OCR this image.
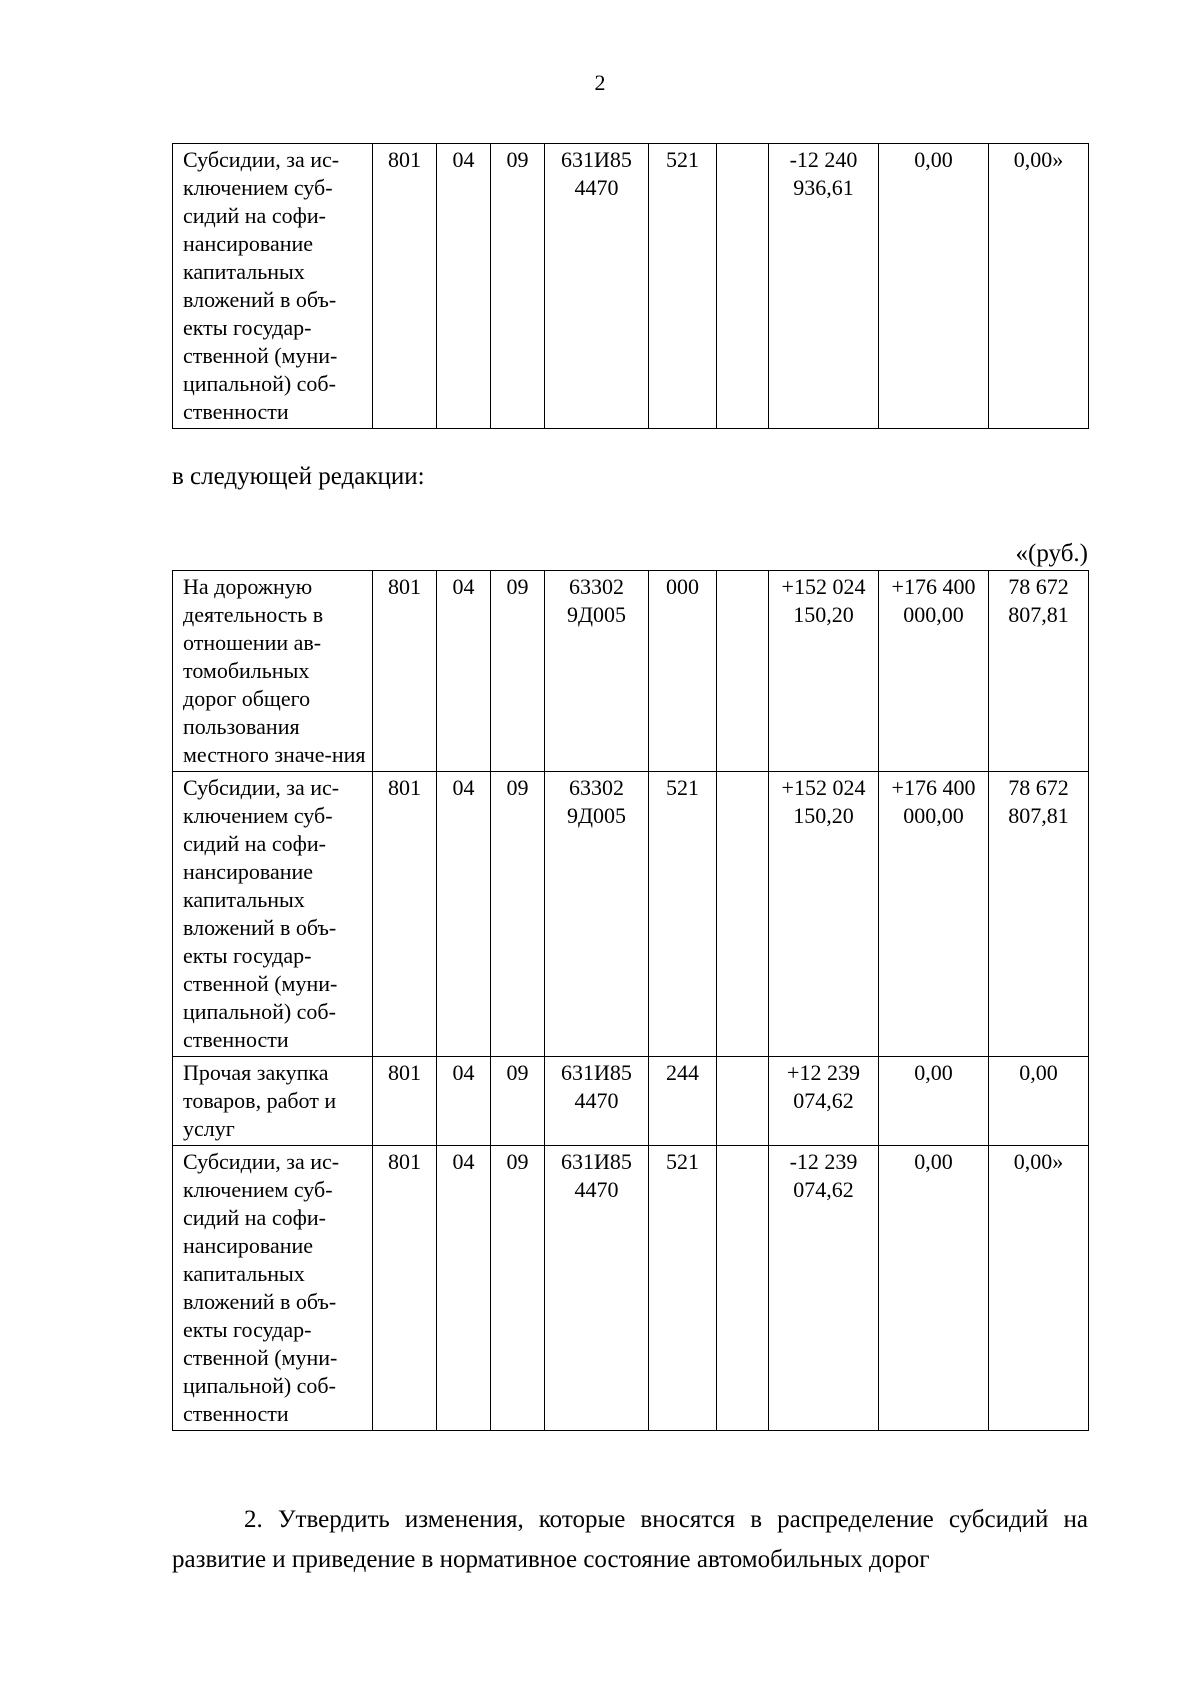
2
Субсидии, за ис-ключением суб-сидий на софи-нансирование капитальных вложений в объ-екты государ-ственной (муни-ципальной) соб-ственности	801	04	09	631И85 4470	521		-12 240 936,61	0,00	0,00»
в следующей редакции:
«(руб.)
На дорожную деятельность в отношении ав-томобильных дорог общего пользования местного значе-ния	801	04	09	63302 9Д005	000		+152 024 150,20	+176 400 000,00	78 672 807,81
Субсидии, за ис-ключением суб-сидий на софи-нансирование капитальных вложений в объ-екты государ-ственной (муни-ципальной) соб-ственности	801	04	09	63302 9Д005	521		+152 024 150,20	+176 400 000,00	78 672 807,81
Прочая закупка товаров, работ и услуг	801	04	09	631И85 4470	244		+12 239 074,62	0,00	0,00
Субсидии, за ис-ключением суб-сидий на софи-нансирование капитальных вложений в объ-екты государ-ственной (муни-ципальной) соб-ственности	801	04	09	631И85 4470	521		-12 239 074,62	0,00	0,00»
2. Утвердить изменения, которые вносятся в распределение субсидий на развитие и приведение в нормативное состояние автомобильных дорог
